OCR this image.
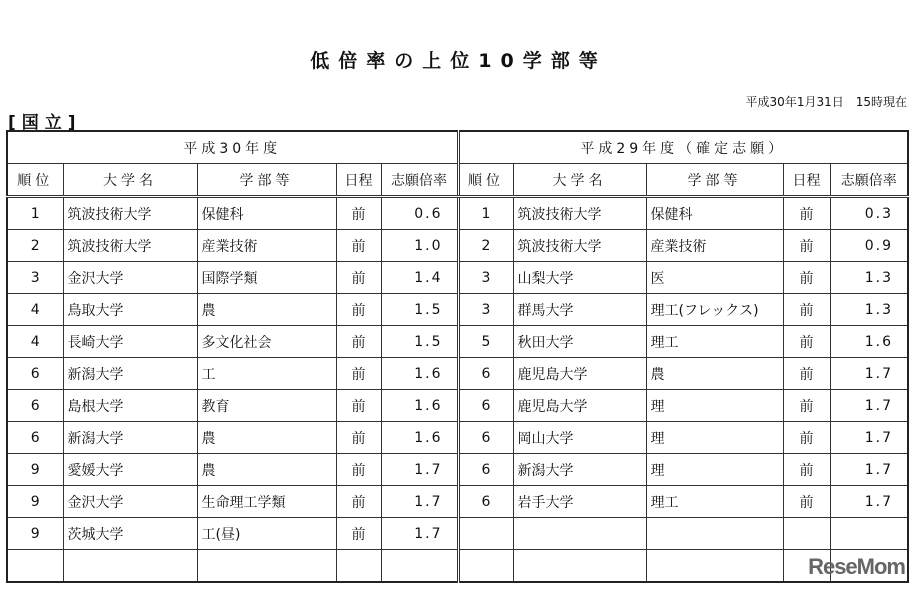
低倍率の上位10学部等
平成30年1月31日　15時現在
[国立]
平成30年度					平成29年度（確定志願）				
順位	大学名	学部等	日程	志願倍率	順位	大学名	学部等	日程	志願倍率
1	筑波技術大学	保健科	前	0.6	1	筑波技術大学	保健科	前	0.3
2	筑波技術大学	産業技術	前	1.0	2	筑波技術大学	産業技術	前	0.9
3	金沢大学	国際学類	前	1.4	3	山梨大学	医	前	1.3
4	鳥取大学	農	前	1.5	3	群馬大学	理工(フレックス)	前	1.3
4	長崎大学	多文化社会	前	1.5	5	秋田大学	理工	前	1.6
6	新潟大学	工	前	1.6	6	鹿児島大学	農	前	1.7
6	島根大学	教育	前	1.6	6	鹿児島大学	理	前	1.7
6	新潟大学	農	前	1.6	6	岡山大学	理	前	1.7
9	愛媛大学	農	前	1.7	6	新潟大学	理	前	1.7
9	金沢大学	生命理工学類	前	1.7	6	岩手大学	理工	前	1.7
9	茨城大学	工(昼)	前	1.7					

ReseMom
